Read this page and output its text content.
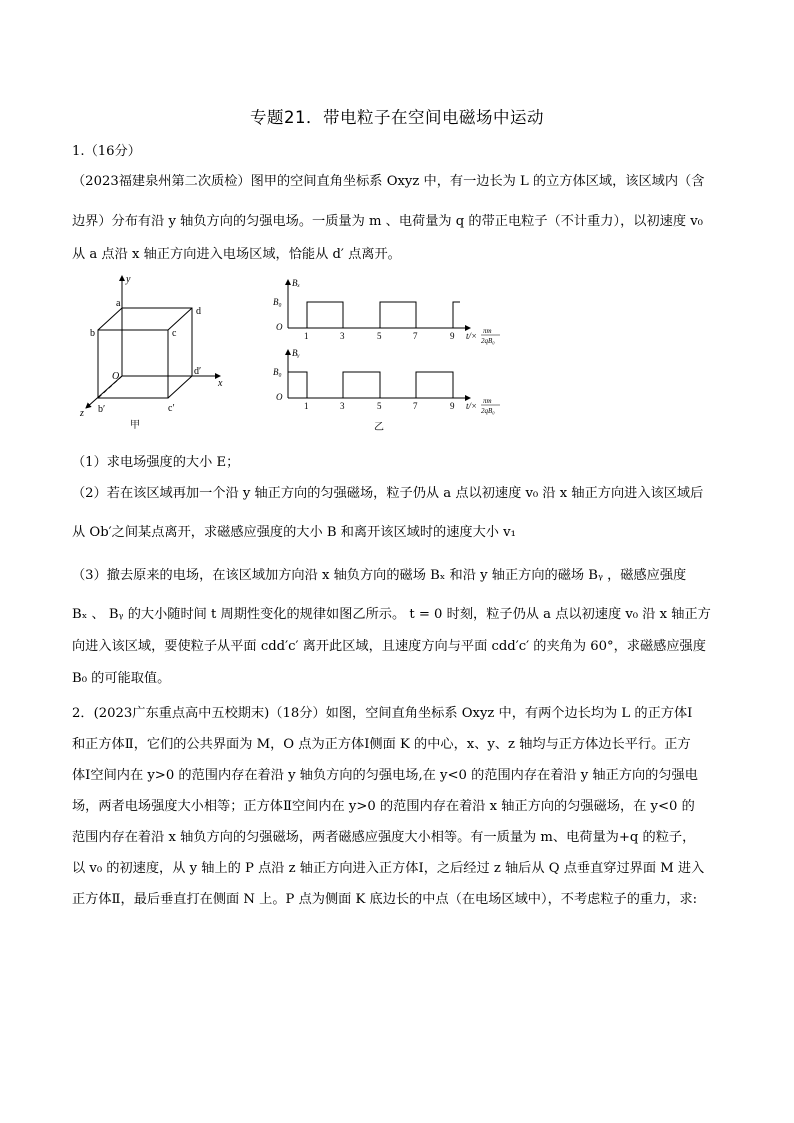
专题21．带电粒子在空间电磁场中运动
1.（16分）
（2023福建泉州第二次质检）图甲的空间直角坐标系 Oxyz 中，有一边长为 L 的立方体区域，该区域内（含
边界）分布有沿 y 轴负方向的匀强电场。一质量为 m 、电荷量为 q 的带正电粒子（不计重力），以初速度 v₀
从 a 点沿 x 轴正方向进入电场区域，恰能从 d′ 点离开。
y
x
z
O
a
b	c
d
b′	c′
d′
甲
Bₓ
B₀
O
1	3	5	7	9 t/× πm
2qB₀
Bᵧ
B₀
O
1	3	5	7	9 t/× πm
2qB₀
乙
（1）求电场强度的大小 E；
（2）若在该区域再加一个沿 y 轴正方向的匀强磁场，粒子仍从 a 点以初速度 v₀ 沿 x 轴正方向进入该区域后
从 Ob′之间某点离开，求磁感应强度的大小 B 和离开该区域时的速度大小 v₁
（3）撤去原来的电场，在该区域加方向沿 x 轴负方向的磁场 Bₓ 和沿 y 轴正方向的磁场 Bᵧ ，磁感应强度
Bₓ 、 Bᵧ 的大小随时间 t 周期性变化的规律如图乙所示。 t = 0 时刻，粒子仍从 a 点以初速度 v₀ 沿 x 轴正方
向进入该区域，要使粒子从平面 cdd′c′ 离开此区域，且速度方向与平面 cdd′c′ 的夹角为 60°，求磁感应强度
B₀ 的可能取值。
2．(2023广东重点高中五校期末)（18分）如图，空间直角坐标系 Oxyz 中，有两个边长均为 L 的正方体Ⅰ
和正方体Ⅱ，它们的公共界面为 M，O 点为正方体Ⅰ侧面 K 的中心，x、y、z 轴均与正方体边长平行。正方
体Ⅰ空间内在 y>0 的范围内存在着沿 y 轴负方向的匀强电场,在 y<0 的范围内存在着沿 y 轴正方向的匀强电
场，两者电场强度大小相等；正方体Ⅱ空间内在 y>0 的范围内存在着沿 x 轴正方向的匀强磁场，在 y<0 的
范围内存在着沿 x 轴负方向的匀强磁场，两者磁感应强度大小相等。有一质量为 m、电荷量为+q 的粒子，
以 v₀ 的初速度，从 y 轴上的 P 点沿 z 轴正方向进入正方体Ⅰ，之后经过 z 轴后从 Q 点垂直穿过界面 M 进入
正方体Ⅱ，最后垂直打在侧面 N 上。P 点为侧面 K 底边长的中点（在电场区域中），不考虑粒子的重力，求:
